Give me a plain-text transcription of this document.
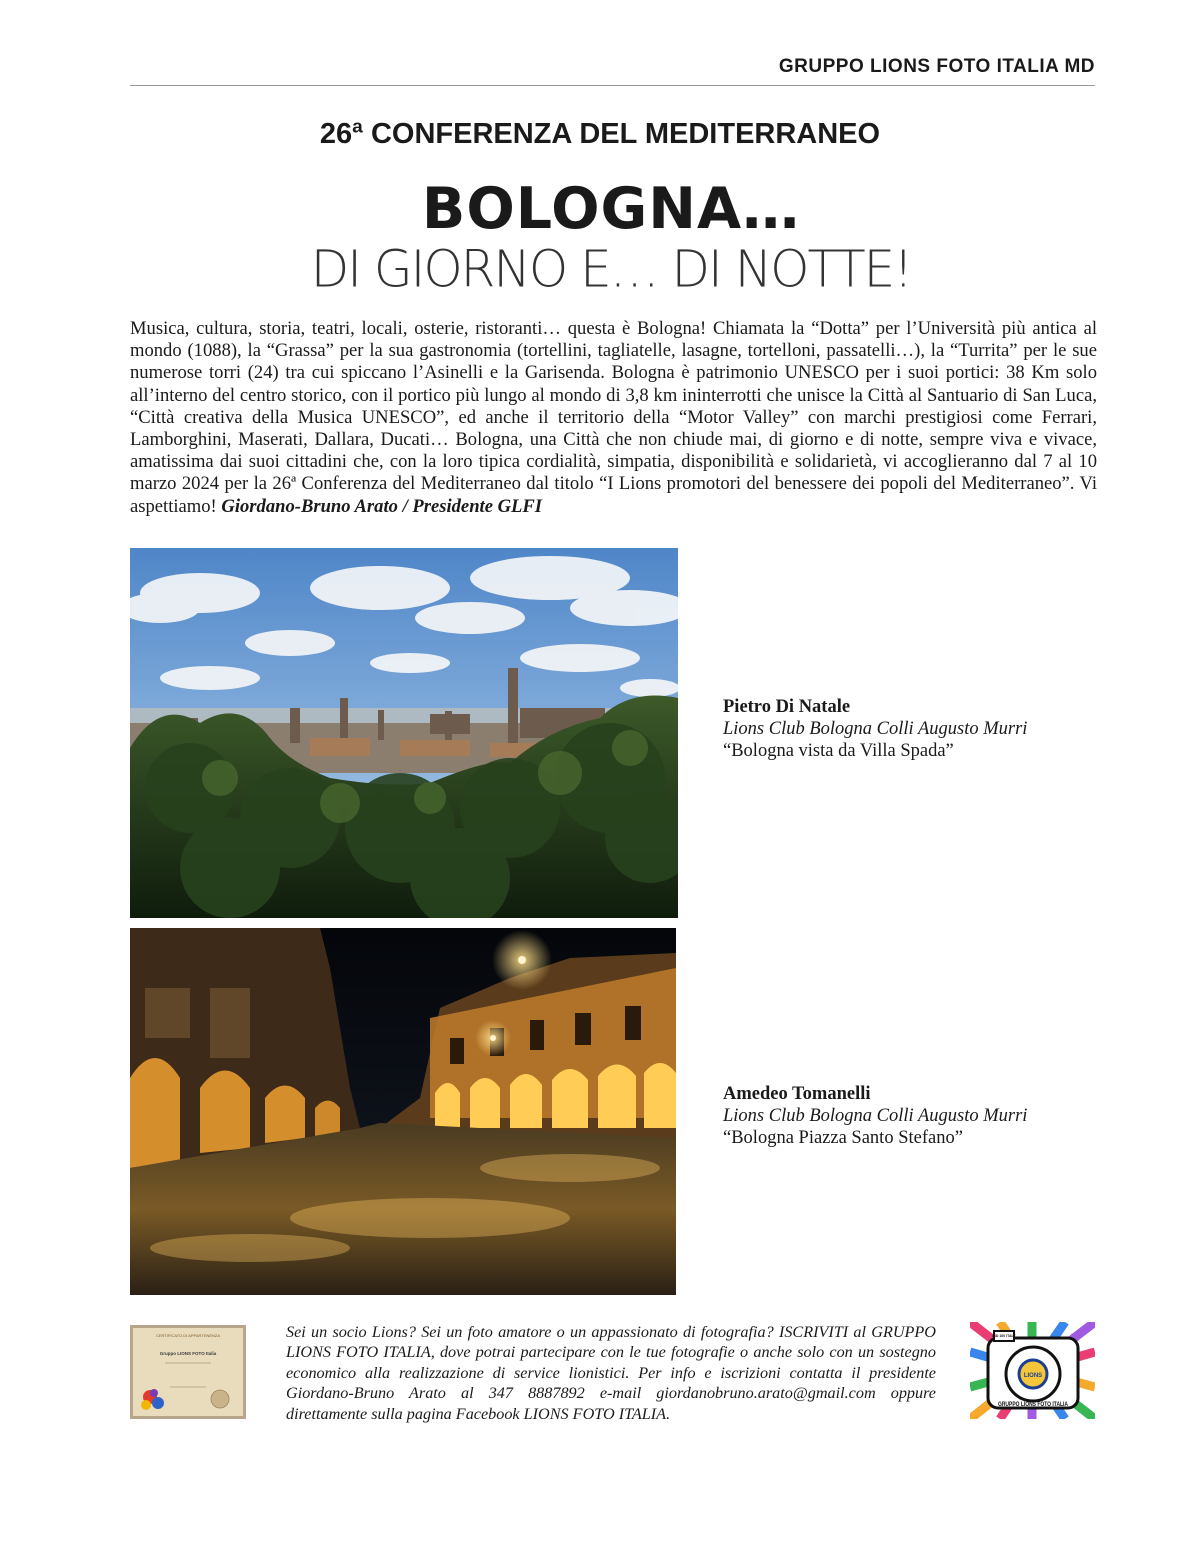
GRUPPO LIONS FOTO ITALIA MD
26ª CONFERENZA DEL MEDITERRANEO
BOLOGNA…
DI GIORNO E… DI NOTTE!

Musica, cultura, storia, teatri, locali, osterie, ristoranti… questa è Bologna! Chiamata la “Dotta” per l’Università più antica al mondo (1088), la “Grassa” per la sua gastronomia (tortellini, tagliatelle, lasagne, tortelloni, passatelli…), la “Turrita” per le sue numerose torri (24) tra cui spiccano l’Asinelli e la Garisenda. Bologna è patrimonio UNESCO per i suoi portici: 38 Km solo all’interno del centro storico, con il portico più lungo al mondo di 3,8 km ininterrotti che unisce la Città al Santuario di San Luca, “Città creativa della Musica UNESCO”, ed anche il territorio della “Motor Valley” con marchi prestigiosi come Ferrari, Lamborghini, Maserati, Dallara, Ducati… Bologna, una Città che non chiude mai, di giorno e di notte, sempre viva e vivace, amatissima dai suoi cittadini che, con la loro tipica cordialità, simpatia, disponibilità e solidarietà, vi accoglieranno dal 7 al 10 marzo 2024 per la 26ª Conferenza del Mediterraneo dal titolo “I Lions promotori del benessere dei popoli del Mediterraneo”. Vi aspettiamo! Giordano-Bruno Arato / Presidente GLFI

Pietro Di Natale
Lions Club Bologna Colli Augusto Murri
“Bologna vista da Villa Spada”
Amedeo Tomanelli
Lions Club Bologna Colli Augusto Murri
“Bologna Piazza Santo Stefano”
CERTIFICATO DI APPARTENENZA
Gruppo LIONS FOTO Italia

Sei un socio Lions? Sei un foto amatore o un appassionato di fotografia? ISCRIVITI al GRUPPO LIONS FOTO ITALIA, dove potrai partecipare con le tue fotografie o anche solo con un sostegno economico alla realizzazione di service lionistici. Per info e iscrizioni contatta il presidente Giordano-Bruno Arato al 347 8887892 e-mail giordanobruno.arato@gmail.com oppure direttamente sulla pagina Facebook LIONS FOTO ITALIA.

IND 100 ITALY
LIONS
GRUPPO LIONS FOTO ITALIA
